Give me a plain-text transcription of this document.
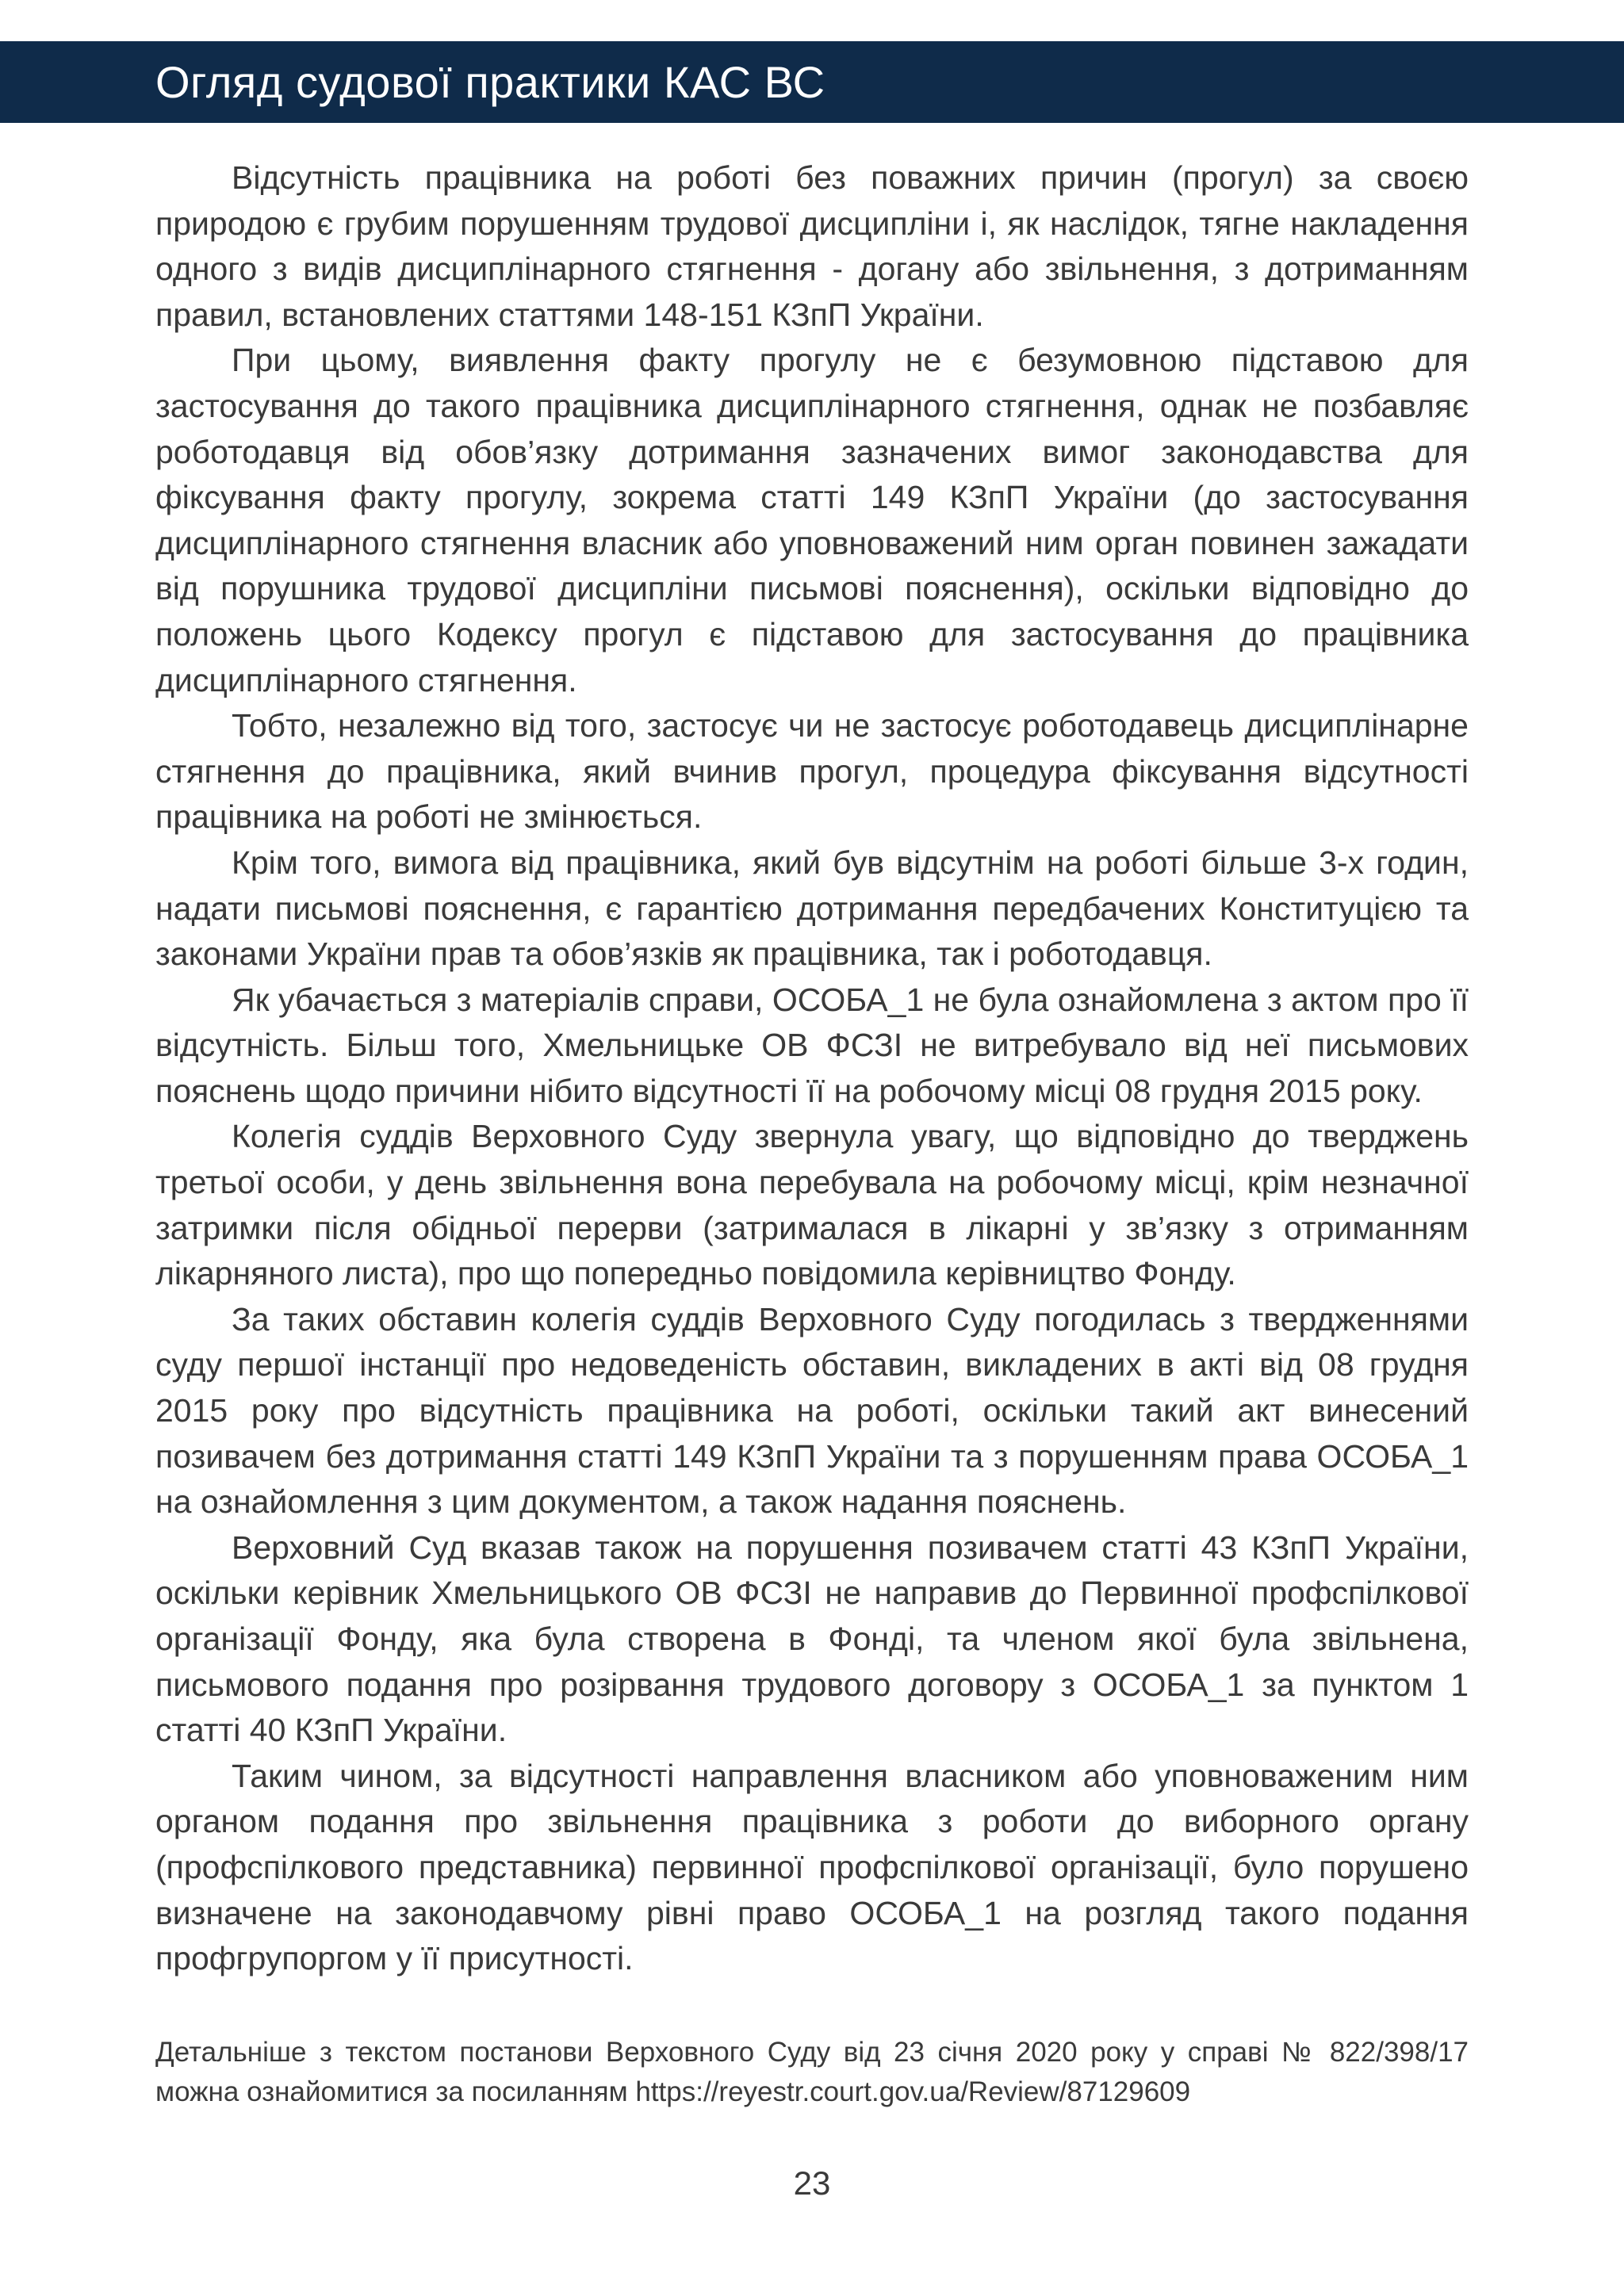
Огляд судової практики КАС ВС

Відсутність працівника на роботі без поважних причин (прогул) за своєю природою є грубим порушенням трудової дисципліни і, як наслідок, тягне накладення одного з видів дисциплінарного стягнення - догану або звільнення, з дотриманням правил, встановлених статтями 148-151 КЗпП України.

При цьому, виявлення факту прогулу не є безумовною підставою для застосування до такого працівника дисциплінарного стягнення, однак не позбавляє роботодавця від обов’язку дотримання зазначених вимог законодавства для фіксування факту прогулу, зокрема статті 149 КЗпП України (до застосування дисциплінарного стягнення власник або уповноважений ним орган повинен зажадати від порушника трудової дисципліни письмові пояснення), оскільки відповідно до положень цього Кодексу прогул є підставою для застосування до працівника дисциплінарного стягнення.

Тобто, незалежно від того, застосує чи не застосує роботодавець дисциплінарне стягнення до працівника, який вчинив прогул, процедура фіксування відсутності працівника на роботі не змінюється.

Крім того, вимога від працівника, який був відсутнім на роботі більше 3-х годин, надати письмові пояснення, є гарантією дотримання передбачених Конституцією та законами України прав та обов’язків як працівника, так і роботодавця.

Як убачається з матеріалів справи, ОСОБА_1 не була ознайомлена з актом про її відсутність. Більш того, Хмельницьке ОВ ФСЗІ не витребувало від неї письмових пояснень щодо причини нібито відсутності її на робочому місці 08 грудня 2015 року.

Колегія суддів Верховного Суду звернула увагу, що відповідно до тверджень третьої особи, у день звільнення вона перебувала на робочому місці, крім незначної затримки після обідньої перерви (затрималася в лікарні у зв’язку з отриманням лікарняного листа), про що попередньо повідомила керівництво Фонду.

За таких обставин колегія суддів Верховного Суду погодилась з твердженнями суду першої інстанції про недоведеність обставин, викладених в акті від 08 грудня 2015 року про відсутність працівника на роботі, оскільки такий акт винесений позивачем без дотримання статті 149 КЗпП України та з порушенням права ОСОБА_1 на ознайомлення з цим документом, а також надання пояснень.

Верховний Суд вказав також на порушення позивачем статті 43 КЗпП України, оскільки керівник Хмельницького ОВ ФСЗІ не направив до Первинної профспілкової організації Фонду, яка була створена в Фонді, та членом якої була звільнена, письмового подання про розірвання трудового договору з ОСОБА_1 за пунктом 1 статті 40 КЗпП України.

Таким чином, за відсутності направлення власником або уповноваженим ним органом подання про звільнення працівника з роботи до виборного органу (профспілкового представника) первинної профспілкової організації, було порушено визначене на законодавчому рівні право ОСОБА_1 на розгляд такого подання профгрупоргом у її присутності.

Детальніше з текстом постанови Верховного Суду від 23 січня 2020 року у справі № 822/398/17 можна ознайомитися за посиланням https://reyestr.court.gov.ua/Review/87129609

23
